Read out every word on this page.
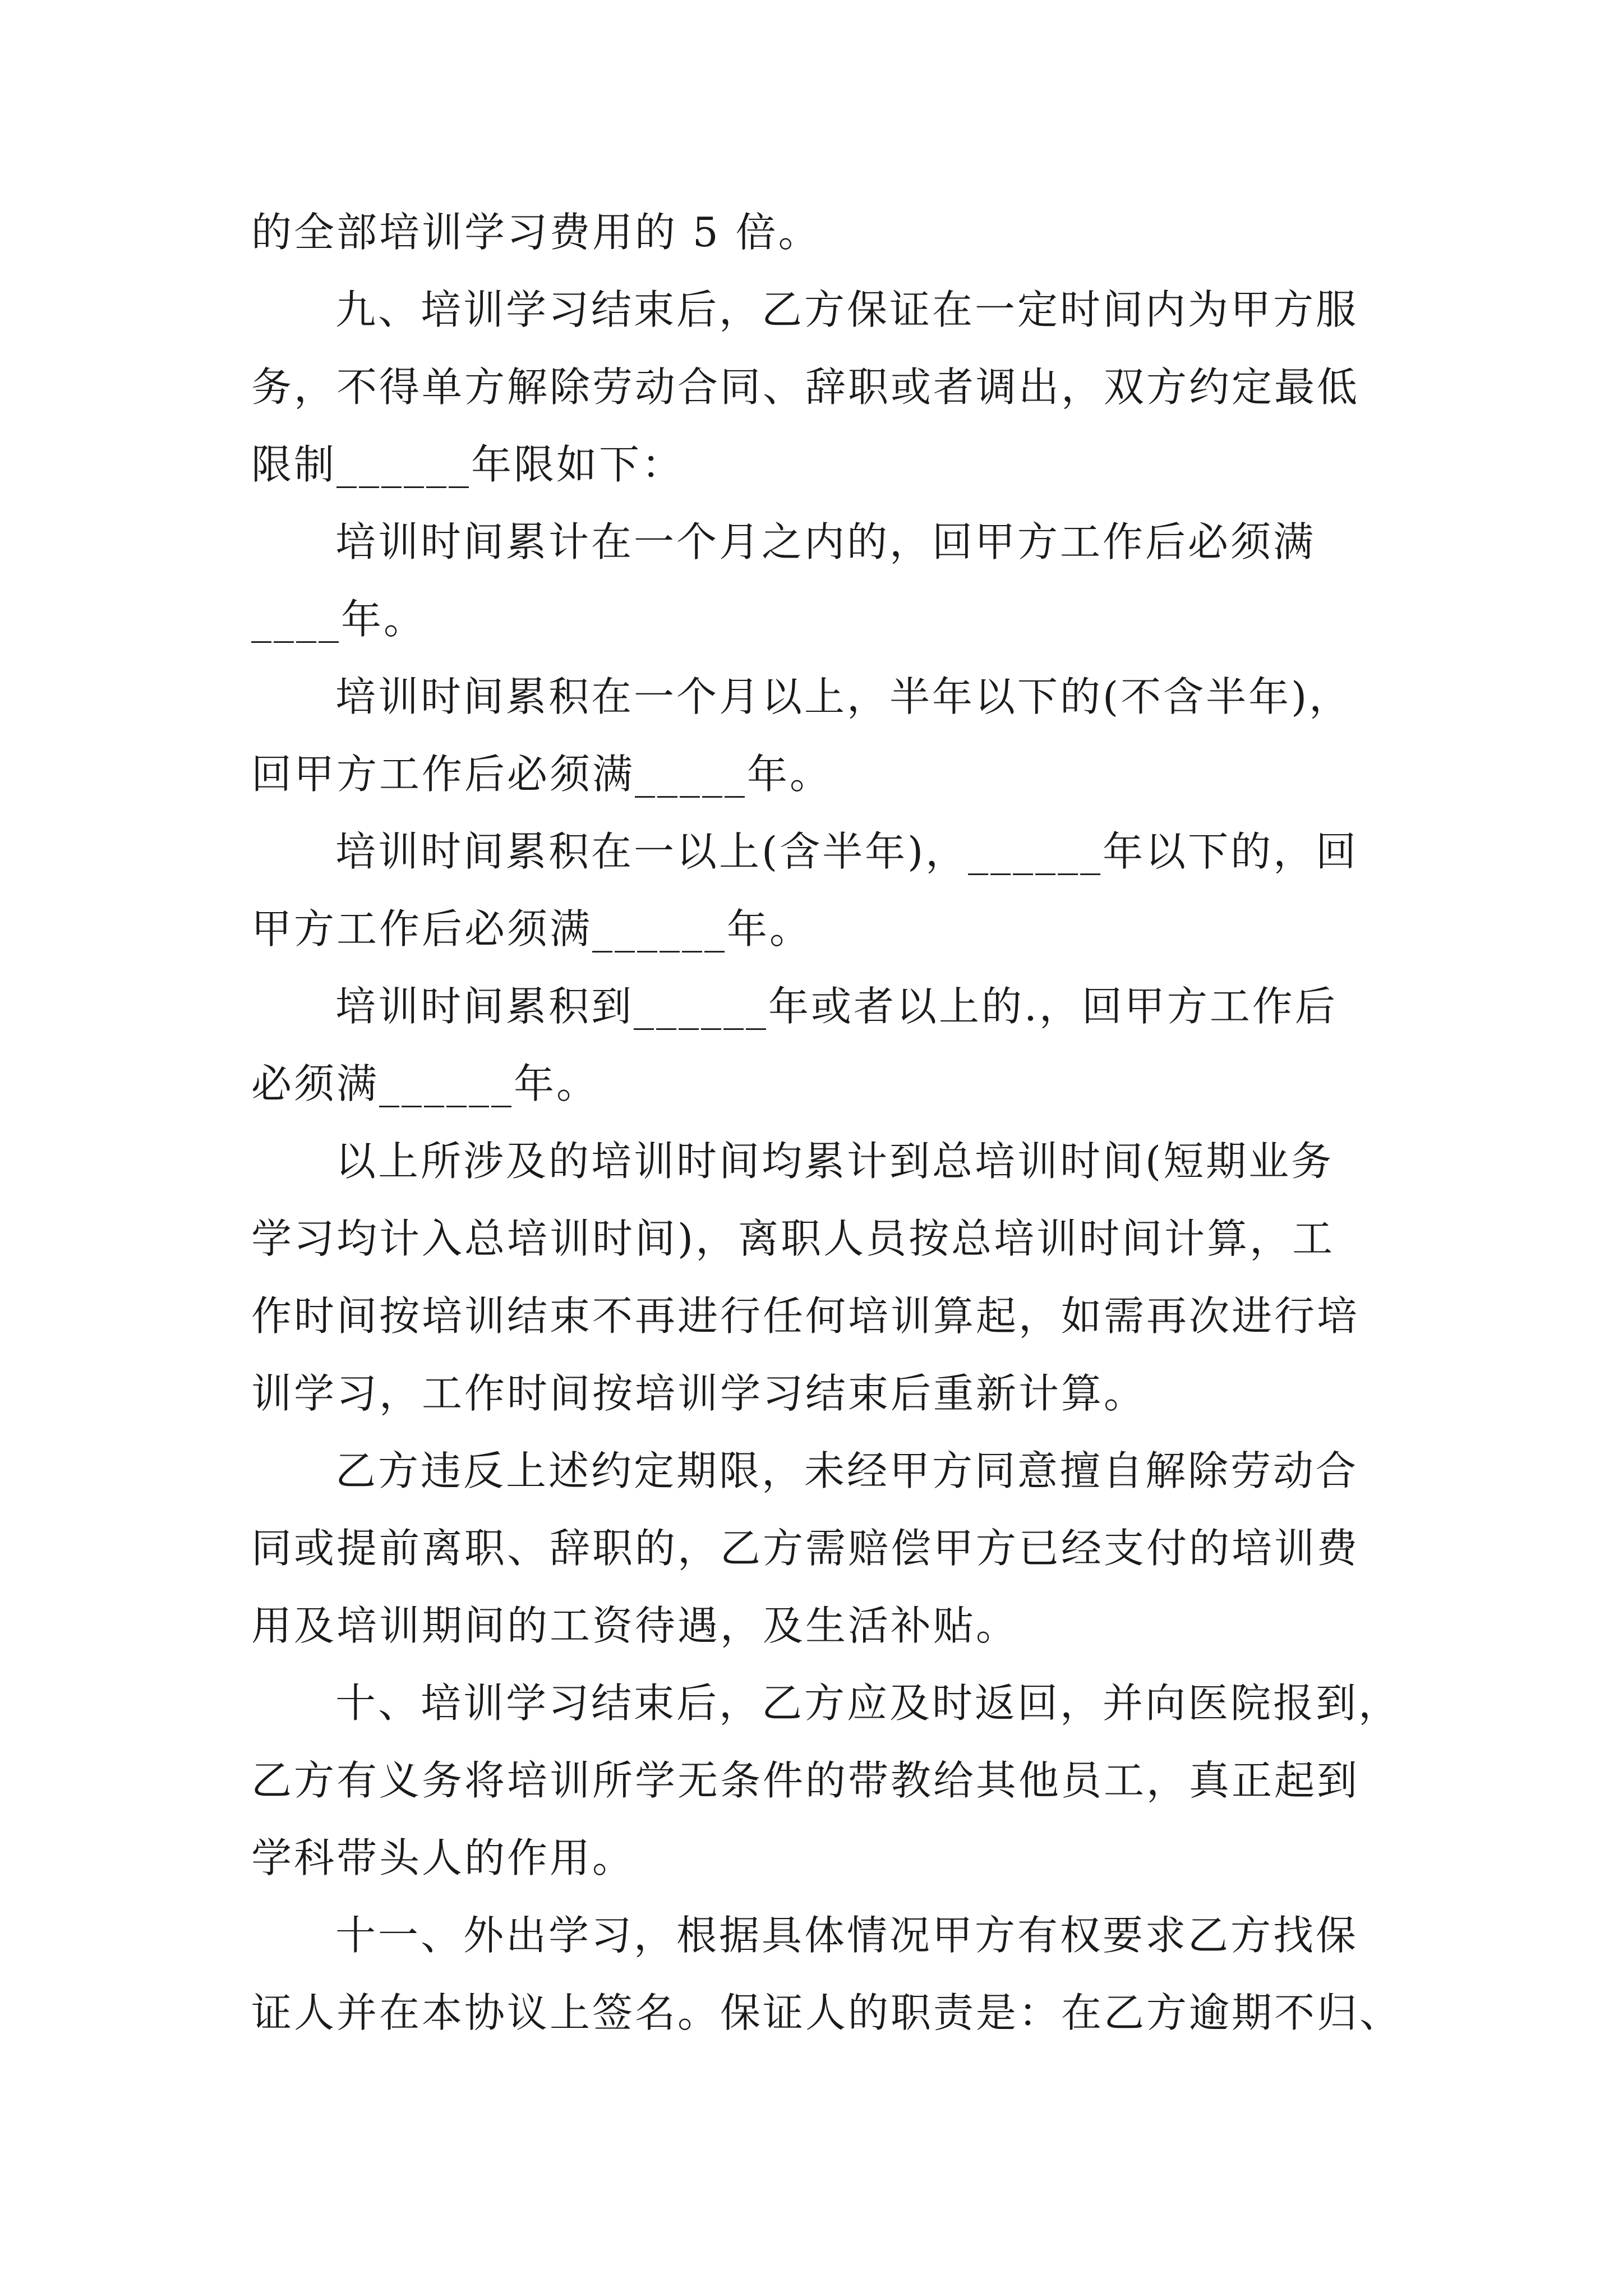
的全部培训学习费用的 5 倍。
九、培训学习结束后，乙方保证在一定时间内为甲方服
务，不得单方解除劳动合同、辞职或者调出，双方约定最低
限制______年限如下：
培训时间累计在一个月之内的，回甲方工作后必须满
____年。
培训时间累积在一个月以上，半年以下的(不含半年)，
回甲方工作后必须满_____年。
培训时间累积在一以上(含半年)，______年以下的，回
甲方工作后必须满______年。
培训时间累积到______年或者以上的.，回甲方工作后
必须满______年。
以上所涉及的培训时间均累计到总培训时间(短期业务
学习均计入总培训时间)，离职人员按总培训时间计算，工
作时间按培训结束不再进行任何培训算起，如需再次进行培
训学习，工作时间按培训学习结束后重新计算。
乙方违反上述约定期限，未经甲方同意擅自解除劳动合
同或提前离职、辞职的，乙方需赔偿甲方已经支付的培训费
用及培训期间的工资待遇，及生活补贴。
十、培训学习结束后，乙方应及时返回，并向医院报到，
乙方有义务将培训所学无条件的带教给其他员工，真正起到
学科带头人的作用。
十一、外出学习，根据具体情况甲方有权要求乙方找保
证人并在本协议上签名。保证人的职责是：在乙方逾期不归、
